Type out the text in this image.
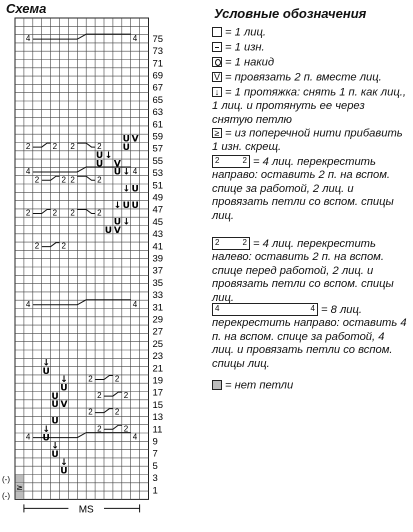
Схема	Условные обозначения
4	4
4	4
4	4
4	4
2	2 2	2
2	2 2	2
2	2 2	2
2	2
2	2
2	2
2	2
2	2
U V
U
U ↓
U V
U ↓
↓ U
↓ U U
U ↓
U V
↓
U
↓
U
U
U V
U
↓
U
↓
U
↓
U
75
73
71
69
67
65
63
61
59
57
55
53
51
49
47
45
43
41
39
37
35
33
31
29
27
25
23
21
19
17
15
13
11
9
7
5
3
1
(-)
(-)
≥
MS
= 1 лиц.
= 1 изн.
= 1 накид
V = провязать 2 п. вместе лиц.
↓ = 1 протяжка: снять 1 п. как лиц., 1 лиц. и протянуть ее через снятую петлю
≥ = из поперечной нити прибавить 1 изн. скрещ.
2	2 = 4 лиц. перекрестить направо: оставить 2 п. на вспом. спице за работой, 2 лиц. и провязать петли со вспом. спицы лиц.
2	2 = 4 лиц. перекрестить налево: оставить 2 п. на вспом. спице перед работой, 2 лиц. и провязать петли со вспом. спицы лиц.
4	4 = 8 лиц. перекрестить направо: оставить 4 п. на вспом. спице за работой, 4 лиц. и провязать петли со вспом. спицы лиц.
= нет петли
